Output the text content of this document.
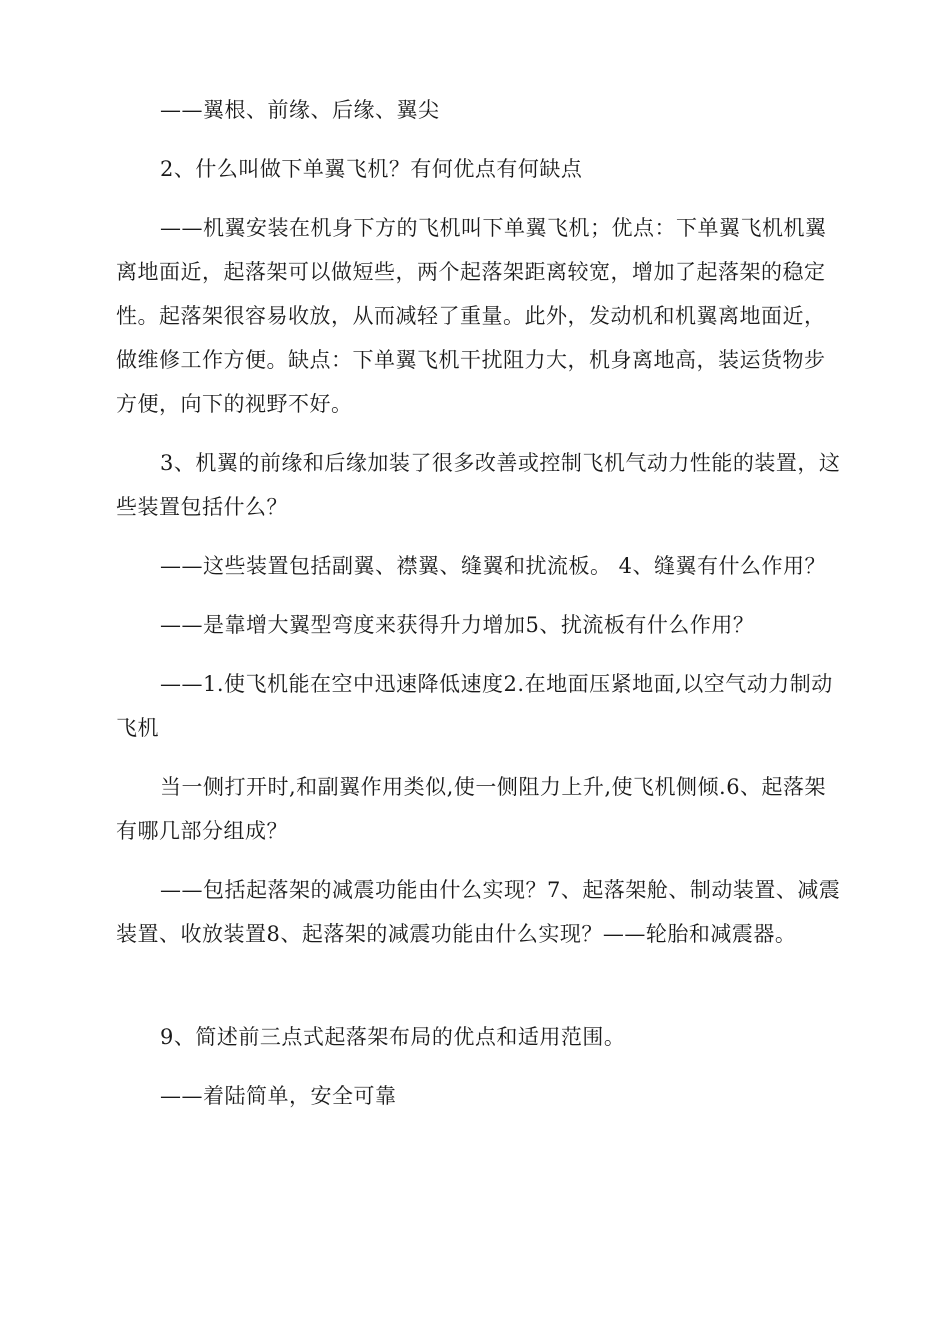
——翼根、前缘、后缘、翼尖

2、什么叫做下单翼飞机？有何优点有何缺点

——机翼安装在机身下方的飞机叫下单翼飞机；优点：下单翼飞机机翼离地面近，起落架可以做短些，两个起落架距离较宽，增加了起落架的稳定性。起落架很容易收放，从而减轻了重量。此外，发动机和机翼离地面近，做维修工作方便。缺点：下单翼飞机干扰阻力大，机身离地高，装运货物步方便，向下的视野不好。

3、机翼的前缘和后缘加装了很多改善或控制飞机气动力性能的装置，这些装置包括什么？

——这些装置包括副翼、襟翼、缝翼和扰流板。 4、缝翼有什么作用？

——是靠增大翼型弯度来获得升力增加5、扰流板有什么作用？

——1.使飞机能在空中迅速降低速度2.在地面压紧地面,以空气动力制动飞机

当一侧打开时,和副翼作用类似,使一侧阻力上升,使飞机侧倾.6、起落架有哪几部分组成？

——包括起落架的减震功能由什么实现？7、起落架舱、制动装置、减震装置、收放装置8、起落架的减震功能由什么实现？——轮胎和减震器。

9、简述前三点式起落架布局的优点和适用范围。

——着陆简单，安全可靠
